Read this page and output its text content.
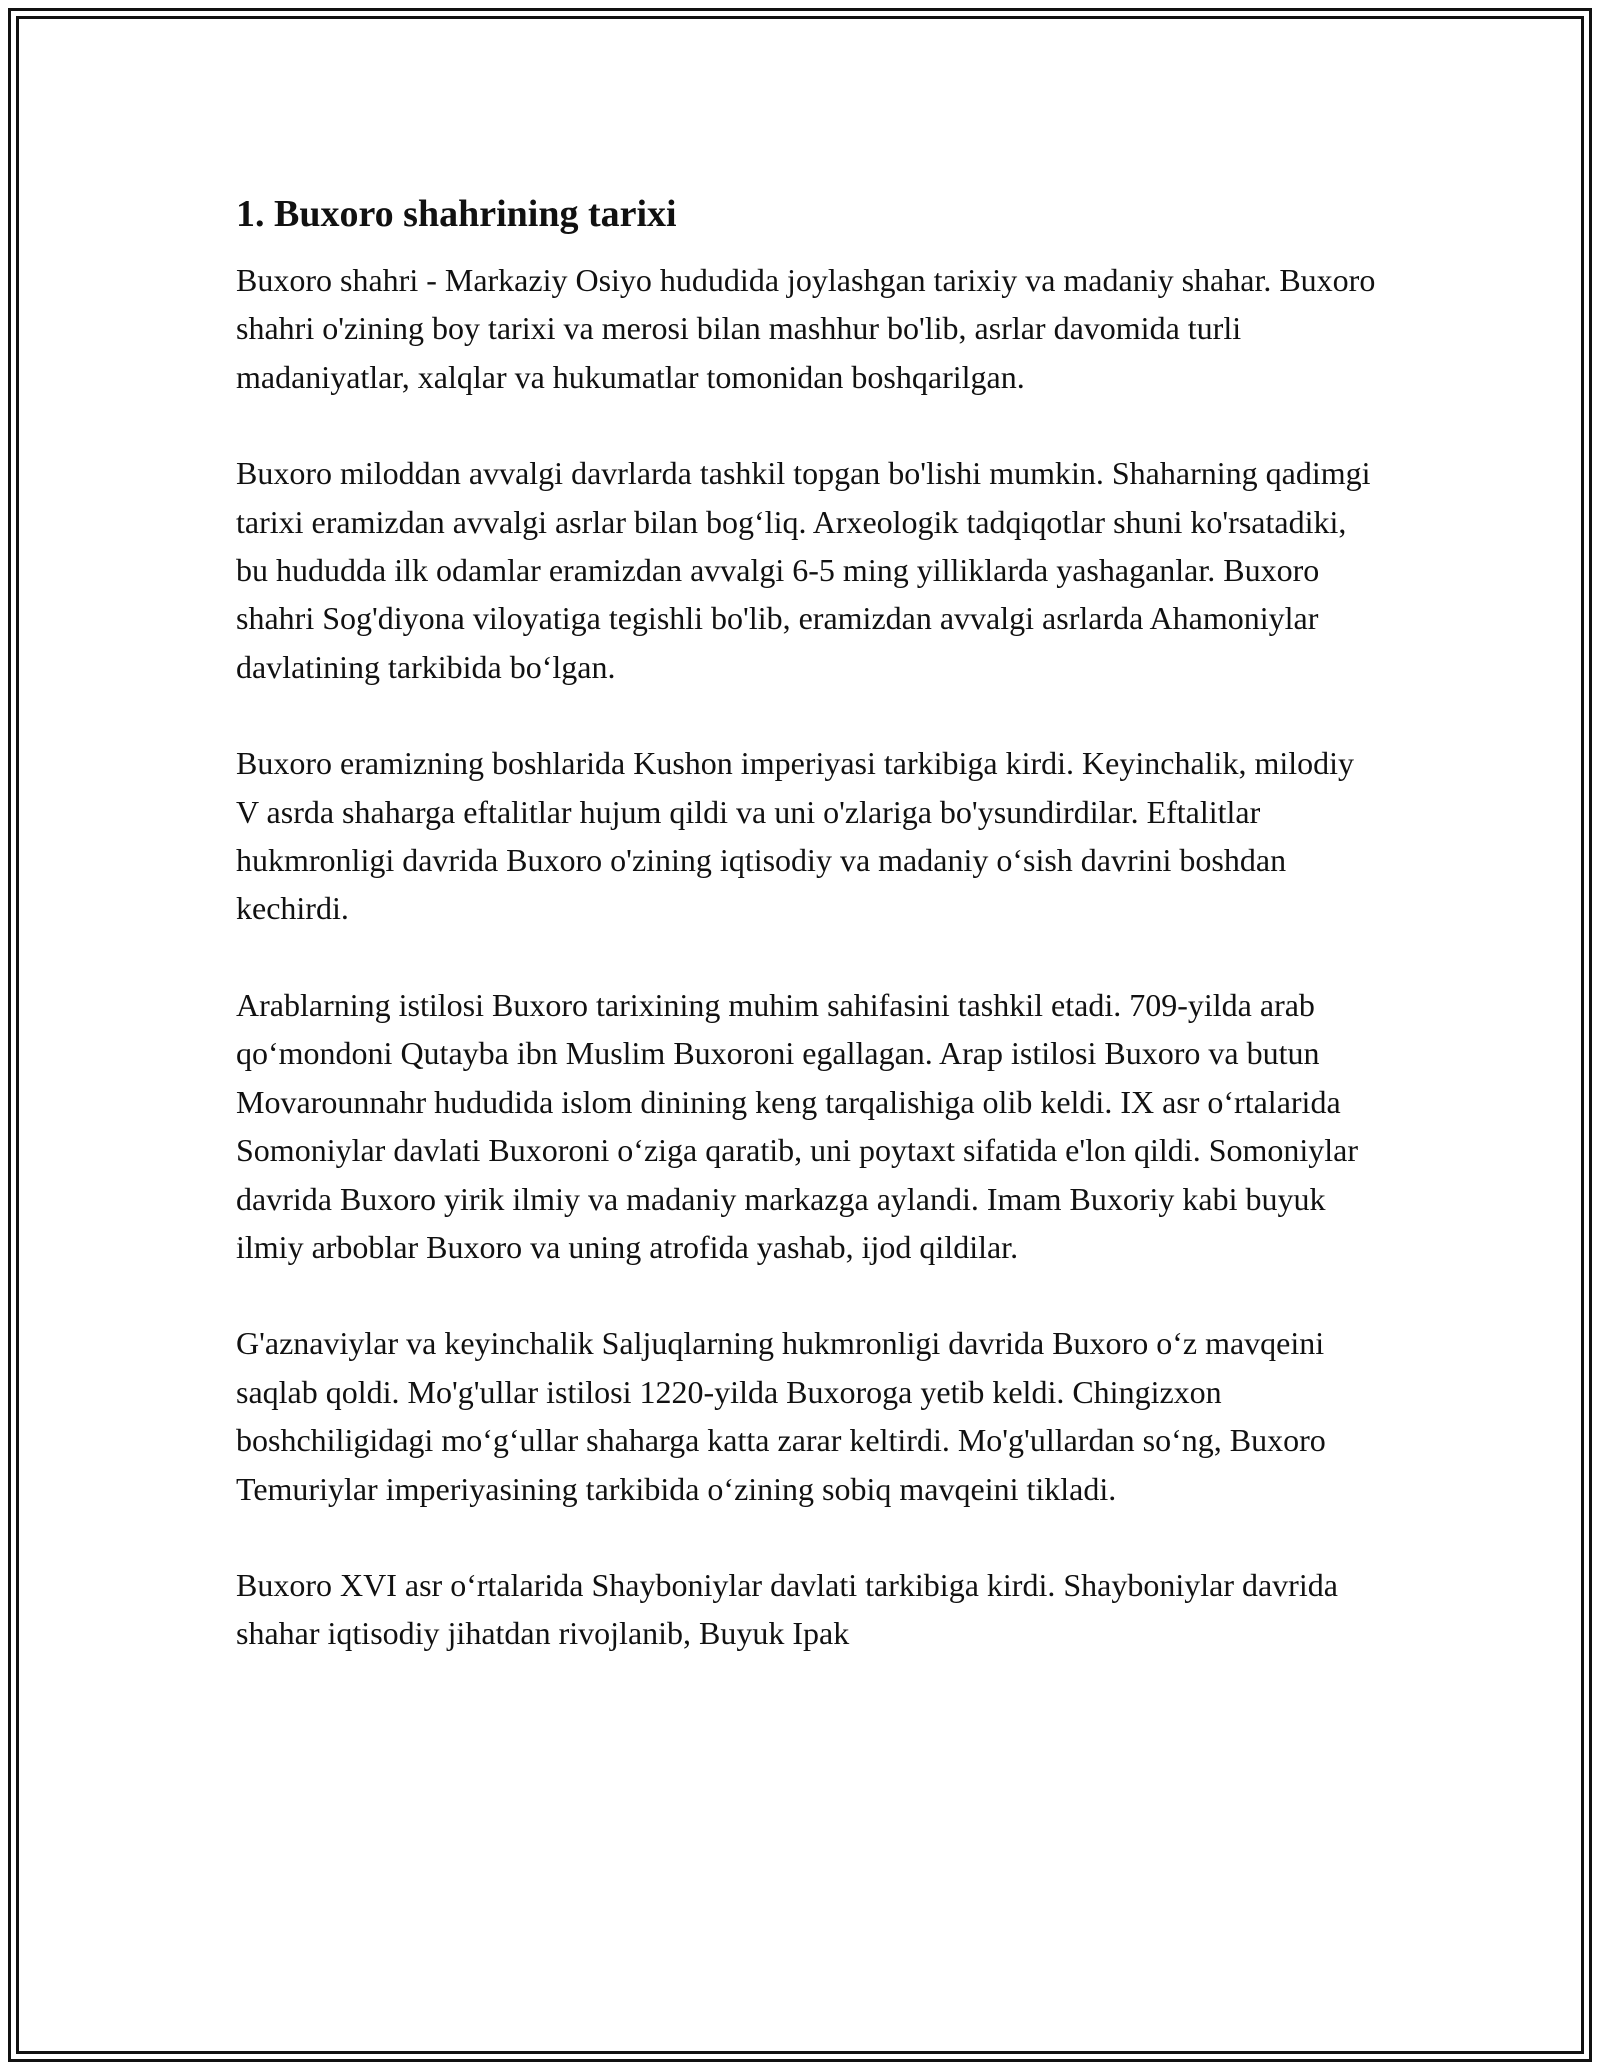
1. Buxoro shahrining tarixi

Buxoro shahri - Markaziy Osiyo hududida joylashgan tarixiy va madaniy shahar. Buxoro shahri o'zining boy tarixi va merosi bilan mashhur bo'lib, asrlar davomida turli madaniyatlar, xalqlar va hukumatlar tomonidan boshqarilgan.

Buxoro miloddan avvalgi davrlarda tashkil topgan bo'lishi mumkin. Shaharning qadimgi tarixi eramizdan avvalgi asrlar bilan bog‘liq. Arxeologik tadqiqotlar shuni ko'rsatadiki, bu hududda ilk odamlar eramizdan avvalgi 6-5 ming yilliklarda yashaganlar. Buxoro shahri Sog'diyona viloyatiga tegishli bo'lib, eramizdan avvalgi asrlarda Ahamoniylar davlatining tarkibida bo‘lgan.

Buxoro eramizning boshlarida Kushon imperiyasi tarkibiga kirdi. Keyinchalik, milodiy V asrda shaharga eftalitlar hujum qildi va uni o'zlariga bo'ysundirdilar. Eftalitlar hukmronligi davrida Buxoro o'zining iqtisodiy va madaniy o‘sish davrini boshdan kechirdi.

Arablarning istilosi Buxoro tarixining muhim sahifasini tashkil etadi. 709-yilda arab qo‘mondoni Qutayba ibn Muslim Buxoroni egallagan. Arap istilosi Buxoro va butun Movarounnahr hududida islom dinining keng tarqalishiga olib keldi. IX asr o‘rtalarida Somoniylar davlati Buxoroni o‘ziga qaratib, uni poytaxt sifatida e'lon qildi. Somoniylar davrida Buxoro yirik ilmiy va madaniy markazga aylandi. Imam Buxoriy kabi buyuk ilmiy arboblar Buxoro va uning atrofida yashab, ijod qildilar.

G'aznaviylar va keyinchalik Saljuqlarning hukmronligi davrida Buxoro o‘z mavqeini saqlab qoldi. Mo'g'ullar istilosi 1220-yilda Buxoroga yetib keldi. Chingizxon boshchiligidagi mo‘g‘ullar shaharga katta zarar keltirdi. Mo'g'ullardan so‘ng, Buxoro Temuriylar imperiyasining tarkibida o‘zining sobiq mavqeini tikladi.

Buxoro XVI asr o‘rtalarida Shayboniylar davlati tarkibiga kirdi. Shayboniylar davrida shahar iqtisodiy jihatdan rivojlanib, Buyuk Ipak
